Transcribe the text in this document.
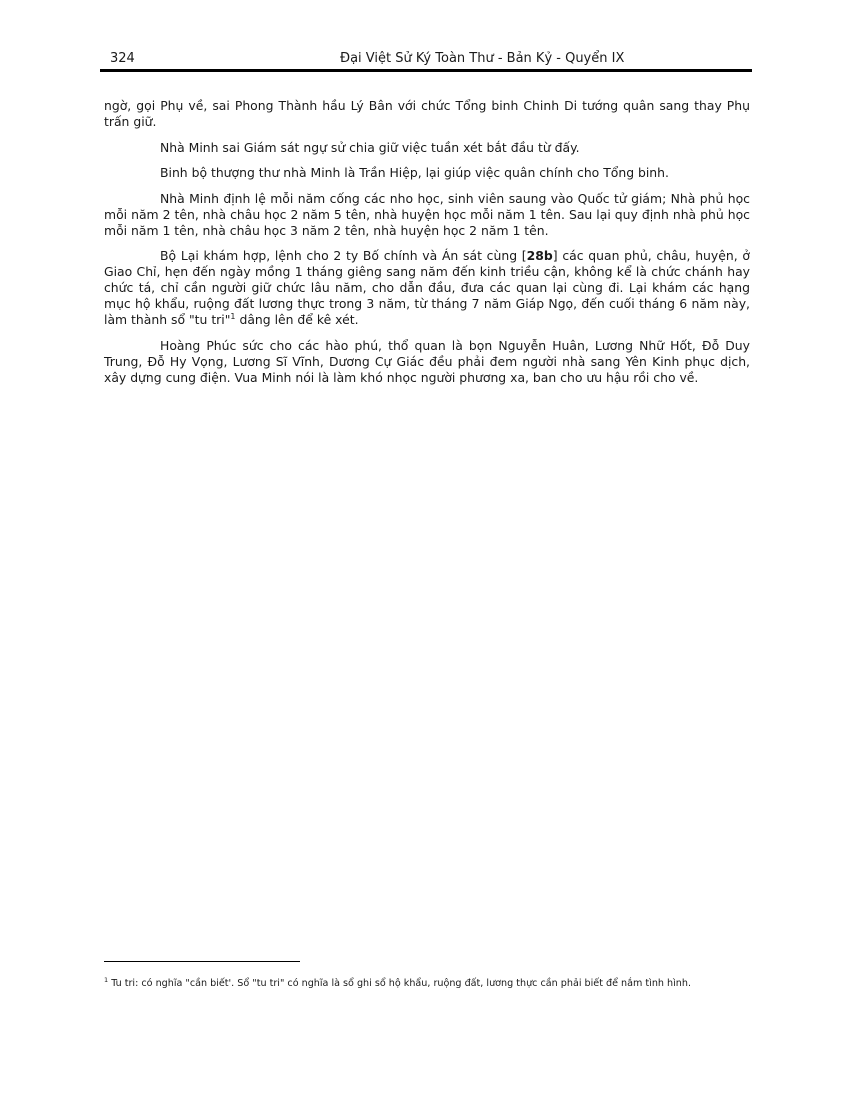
324	Đại Việt Sử Ký Toàn Thư - Bản Kỷ - Quyển IX

ngờ, gọi Phụ về, sai Phong Thành hầu Lý Bân với chức Tổng binh Chinh Di tướng quân sang thay Phụ trấn giữ.

Nhà Minh sai Giám sát ngự sử chia giữ việc tuần xét bắt đầu từ đấy.

Binh bộ thượng thư nhà Minh là Trần Hiệp, lại giúp việc quân chính cho Tổng binh.

Nhà Minh định lệ mỗi năm cống các nho học, sinh viên saung vào Quốc tử giám; Nhà phủ học mỗi năm 2 tên, nhà châu học 2 năm 5 tên, nhà huyện học mỗi năm 1 tên. Sau lại quy định nhà phủ học mỗi năm 1 tên, nhà châu học 3 năm 2 tên, nhà huyện học 2 năm 1 tên.

Bộ Lại khám hợp, lệnh cho 2 ty Bố chính và Án sát cùng [28b] các quan phủ, châu, huyện, ở Giao Chỉ, hẹn đến ngày mồng 1 tháng giêng sang năm đến kinh triều cận, không kể là chức chánh hay chức tá, chỉ cần người giữ chức lâu năm, cho dẫn đầu, đưa các quan lại cùng đi. Lại khám các hạng mục hộ khẩu, ruộng đất lương thực trong 3 năm, từ tháng 7 năm Giáp Ngọ, đến cuối tháng 6 năm này, làm thành sổ "tu tri"$^1$ dâng lên để kê xét.

Hoàng Phúc sức cho các hào phú, thổ quan là bọn Nguyễn Huân, Lương Nhữ Hốt, Đỗ Duy Trung, Đỗ Hy Vọng, Lương Sĩ Vĩnh, Dương Cự Giác đều phải đem người nhà sang Yên Kinh phục dịch, xây dựng cung điện. Vua Minh nói là làm khó nhọc người phương xa, ban cho ưu hậu rồi cho về.

$^1$ Tu tri: có nghĩa "cần biết'. Sổ "tu tri" có nghĩa là sổ ghi sổ hộ khẩu, ruộng đất, lương thực cần phải biết để nắm tình hình.
